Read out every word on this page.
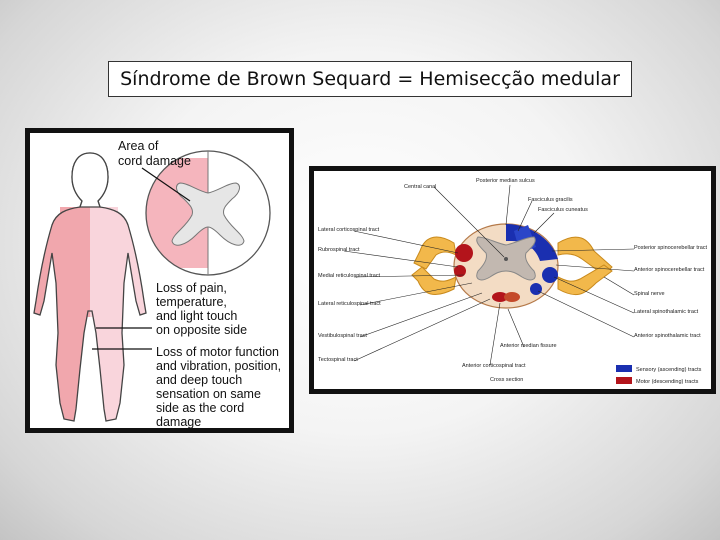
Síndrome de Brown Sequard = Hemisecção medular
Area of
cord damage
Loss of pain,
temperature,
and light touch
on opposite side
Loss of motor function
and vibration, position,
and deep touch
sensation on same
side as the cord
damage
Posterior median sulcus
Central canal
Fasciculus gracilis
Fasciculus cuneatus
Lateral corticospinal tract
Rubrospinal tract
Medial reticulospinal tract
Lateral reticulospinal tract
Vestibulospinal tract
Tectospinal tract
Posterior spinocerebellar tract
Anterior spinocerebellar tract
Spinal nerve
Lateral spinothalamic tract
Anterior spinothalamic tract
Anterior median fissure
Anterior corticospinal tract
Cross section
Sensory (ascending) tracts
Motor (descending) tracts
